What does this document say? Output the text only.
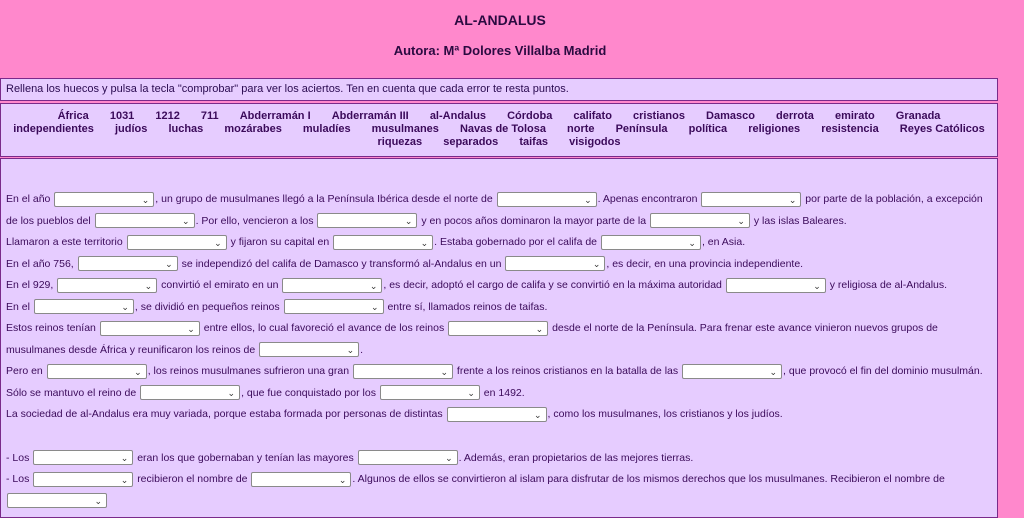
AL-ANDALUS
Autora: Mª Dolores Villalba Madrid
Rellena los huecos y pulsa la tecla "comprobar" para ver los aciertos. Ten en cuenta que cada error te resta puntos.
África 1031 1212 711 Abderramán I Abderramán III al-Andalus Córdoba califato cristianos Damasco derrota emirato Granada independientes judíos luchas mozárabes muladíes musulmanes Navas de Tolosa norte Península política religiones resistencia Reyes Católicos riquezas separados taifas visigodos
En el año	⌄ , un grupo de musulmanes llegó a la Península Ibérica desde el norte de	⌄ . Apenas encontraron	⌄ por parte de la población, a excepción
de los pueblos del	⌄ . Por ello, vencieron a los	⌄ y en pocos años dominaron la mayor parte de la	⌄ y las islas Baleares.
Llamaron a este territorio	⌄ y fijaron su capital en	⌄ . Estaba gobernado por el califa de	⌄ , en Asia.
En el año 756,	⌄ se independizó del califa de Damasco y transformó al-Andalus en un	⌄ , es decir, en una provincia independiente.
En el 929,	⌄ convirtió el emirato en un	⌄ , es decir, adoptó el cargo de califa y se convirtió en la máxima autoridad	⌄ y religiosa de al-Andalus.
En el	⌄ , se dividió en pequeños reinos	⌄ entre sí, llamados reinos de taifas.
Estos reinos tenían	⌄ entre ellos, lo cual favoreció el avance de los reinos	⌄ desde el norte de la Península. Para frenar este avance vinieron nuevos grupos de
musulmanes desde África y reunificaron los reinos de	⌄ .
Pero en	⌄ , los reinos musulmanes sufrieron una gran	⌄ frente a los reinos cristianos en la batalla de las	⌄ , que provocó el fin del dominio musulmán.
Sólo se mantuvo el reino de	⌄ , que fue conquistado por los	⌄ en 1492.
La sociedad de al-Andalus era muy variada, porque estaba formada por personas de distintas	⌄ , como los musulmanes, los cristianos y los judíos.
- Los	⌄ eran los que gobernaban y tenían las mayores	⌄ . Además, eran propietarios de las mejores tierras.
- Los	⌄ recibieron el nombre de	⌄ . Algunos de ellos se convirtieron al islam para disfrutar de los mismos derechos que los musulmanes. Recibieron el nombre de
⌄
